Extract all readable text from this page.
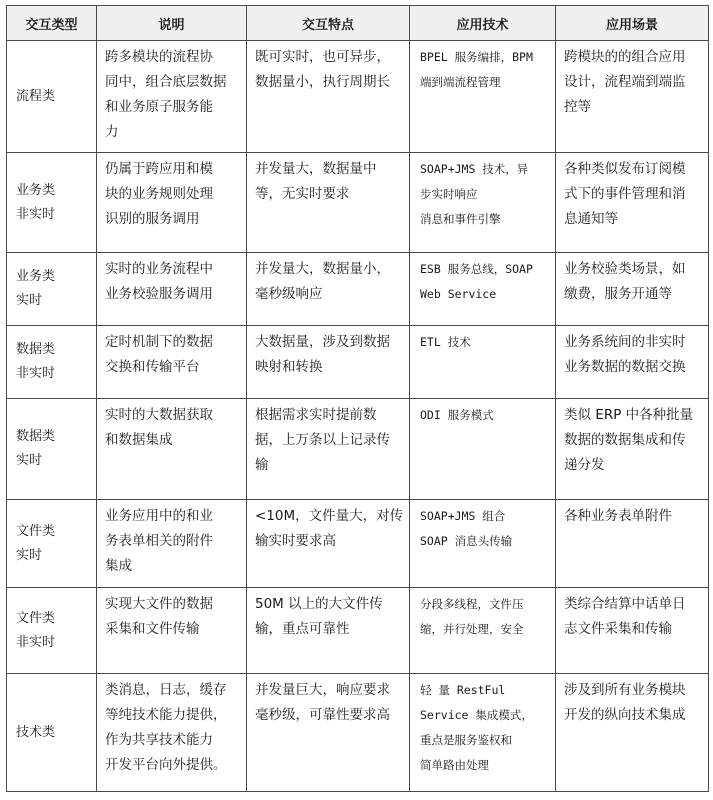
交互类型	说明	交互特点	应用技术	应用场景

流程类	跨多模块的流程协
同中，组合底层数据
和业务原子服务能
力	既可实时，也可异步，
数据量小，执行周期长	BPEL 服务编排，BPM
端到端流程管理	跨模块的的组合应用
设计，流程端到端监
控等

业务类
非实时	仍属于跨应用和模
块的业务规则处理
识别的服务调用	并发量大，数据量中
等，无实时要求	SOAP+JMS 技术，异
步实时响应
消息和事件引擎	各种类似发布订阅模
式下的事件管理和消
息通知等

业务类
实时	实时的业务流程中
业务校验服务调用	并发量大，数据量小，
毫秒级响应	ESB 服务总线，SOAP
Web Service	业务校验类场景，如
缴费，服务开通等

数据类
非实时	定时机制下的数据
交换和传输平台	大数据量，涉及到数据
映射和转换	ETL 技术	业务系统间的非实时
业务数据的数据交换

数据类
实时	实时的大数据获取
和数据集成	根据需求实时提前数
据，上万条以上记录传
输	ODI 服务模式	类似 ERP 中各种批量
数据的数据集成和传
递分发

文件类
实时	业务应用中的和业
务表单相关的附件
集成	<10M，文件量大，对传
输实时要求高	SOAP+JMS 组合
SOAP 消息头传输	各种业务表单附件

文件类
非实时	实现大文件的数据
采集和文件传输	50M 以上的大文件传
输，重点可靠性	分段多线程，文件压
缩，并行处理，安全	类综合结算中话单日
志文件采集和传输

技术类	类消息，日志，缓存
等纯技术能力提供，
作为共享技术能力
开发平台向外提供。	并发量巨大，响应要求
毫秒级，可靠性要求高	轻 量 RestFul
Service 集成模式，
重点是服务鉴权和
简单路由处理	涉及到所有业务模块
开发的纵向技术集成
